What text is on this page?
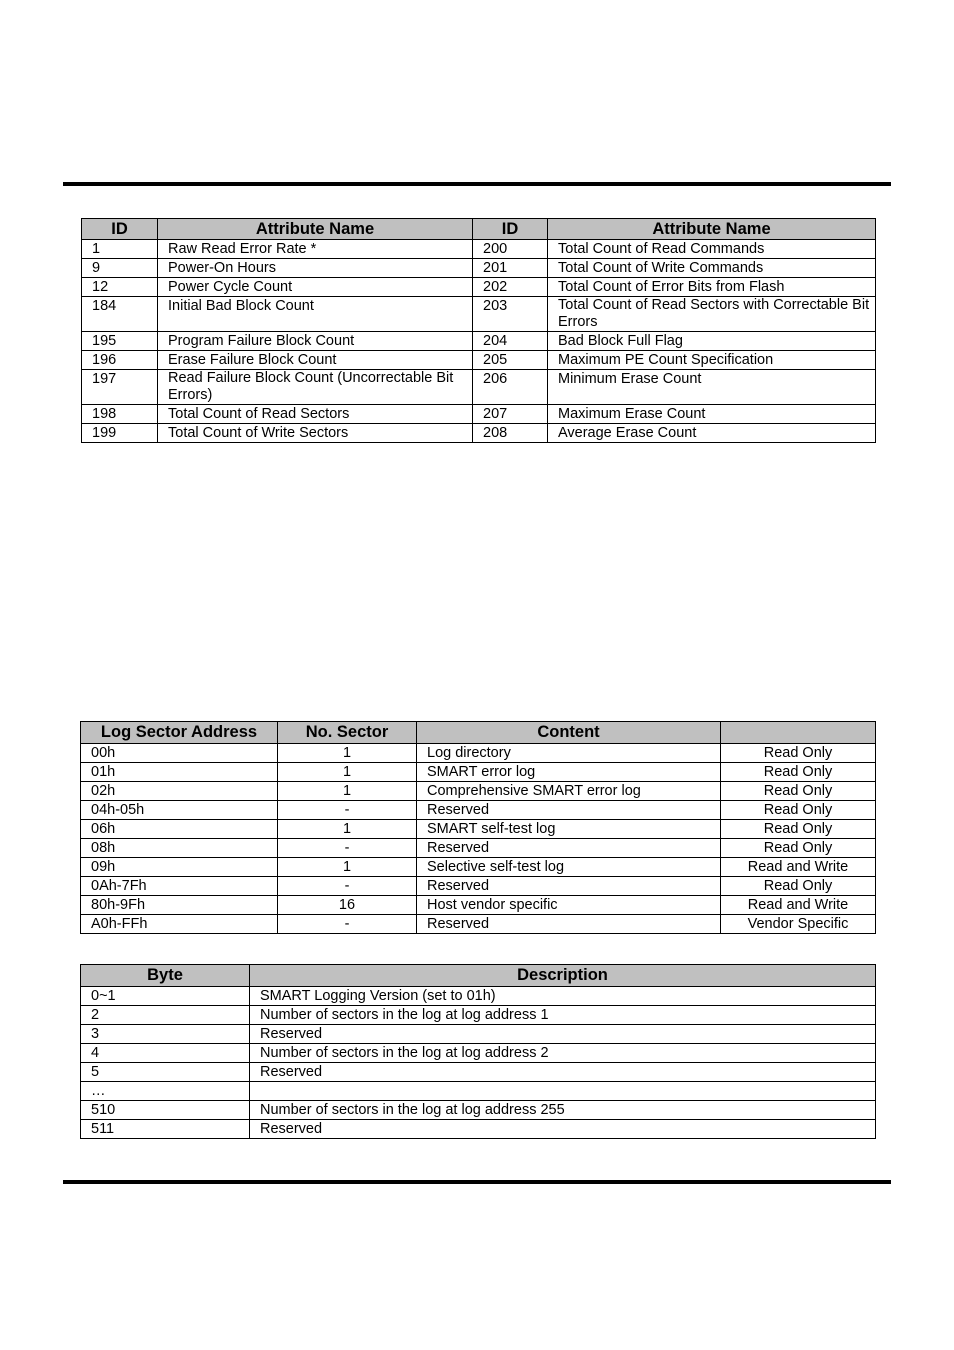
ID	Attribute Name	ID	Attribute Name
1	Raw Read Error Rate *	200	Total Count of Read Commands
9	Power-On Hours	201	Total Count of Write Commands
12	Power Cycle Count	202	Total Count of Error Bits from Flash
184	Initial Bad Block Count	203	Total Count of Read Sectors with Correctable Bit Errors
195	Program Failure Block Count	204	Bad Block Full Flag
196	Erase Failure Block Count	205	Maximum PE Count Specification
197	Read Failure Block Count (Uncorrectable Bit Errors)	206	Minimum Erase Count
198	Total Count of Read Sectors	207	Maximum Erase Count
199	Total Count of Write Sectors	208	Average Erase Count
Log Sector Address	No. Sector	Content	
00h	1	Log directory	Read Only
01h	1	SMART error log	Read Only
02h	1	Comprehensive SMART error log	Read Only
04h-05h	-	Reserved	Read Only
06h	1	SMART self-test log	Read Only
08h	-	Reserved	Read Only
09h	1	Selective self-test log	Read and Write
0Ah-7Fh	-	Reserved	Read Only
80h-9Fh	16	Host vendor specific	Read and Write
A0h-FFh	-	Reserved	Vendor Specific
Byte	Description
0~1	SMART Logging Version (set to 01h)
2	Number of sectors in the log at log address 1
3	Reserved
4	Number of sectors in the log at log address 2
5	Reserved
…	
510	Number of sectors in the log at log address 255
511	Reserved
